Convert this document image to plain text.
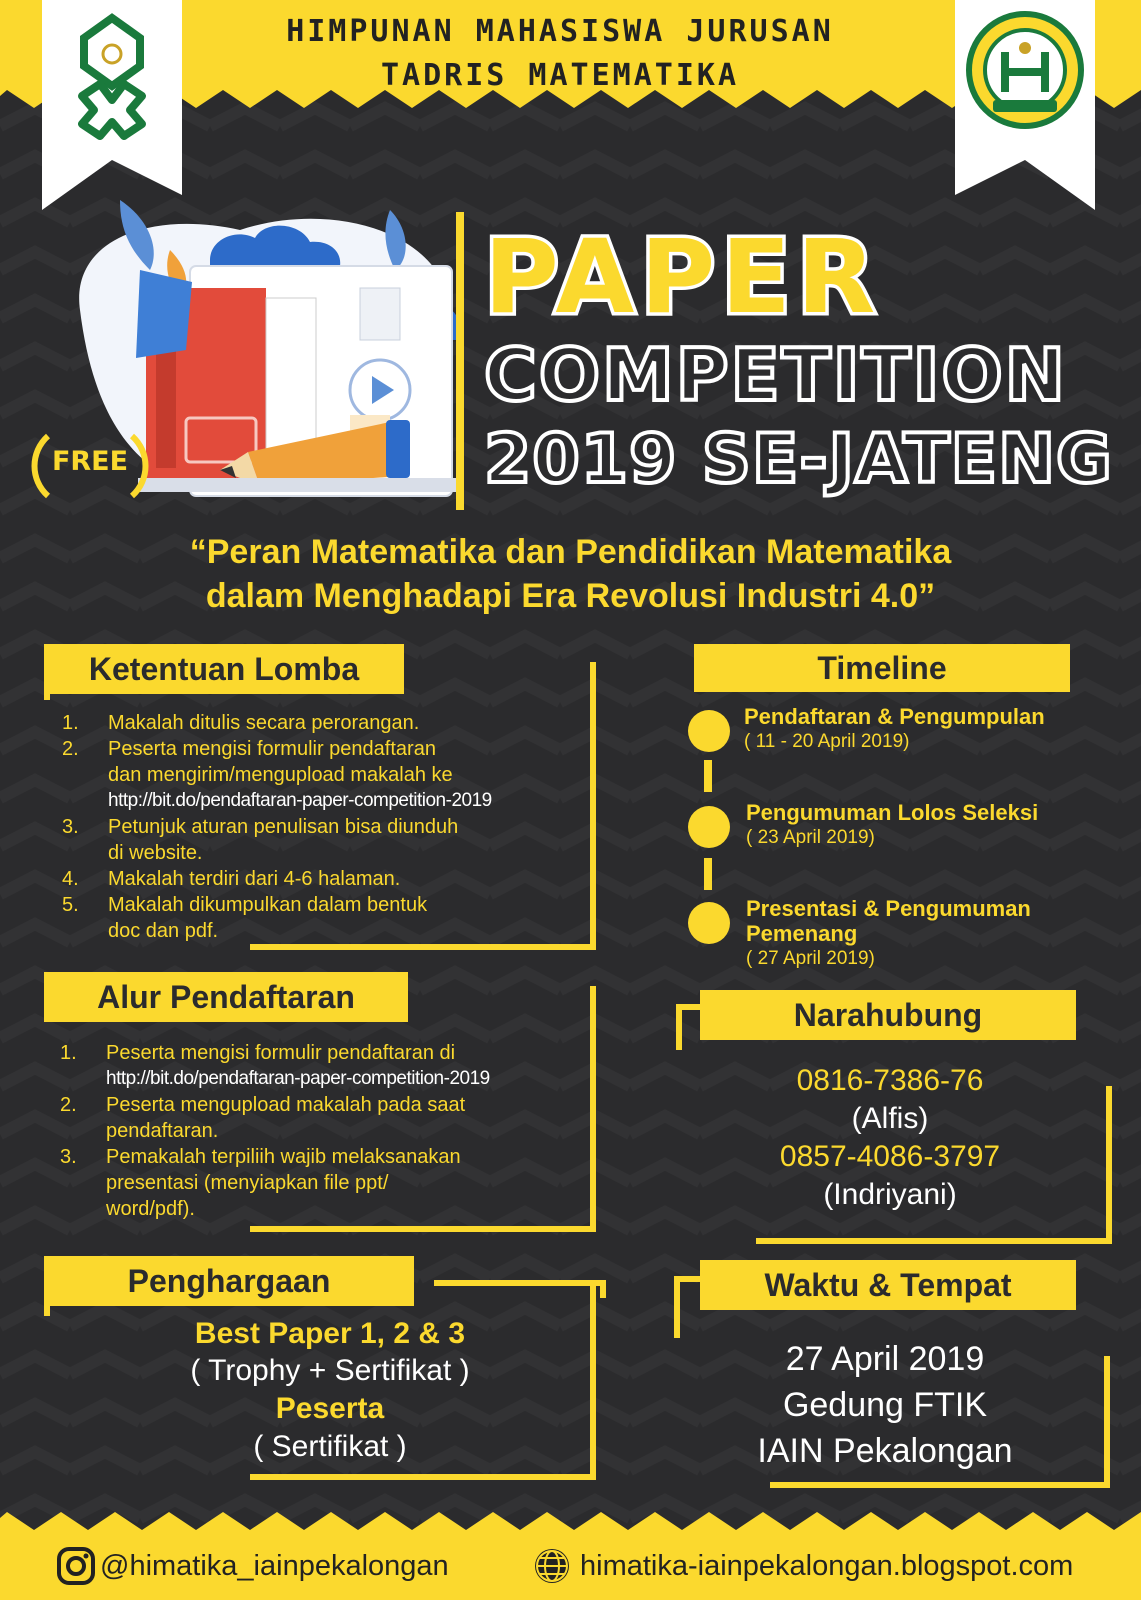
HIMPUNAN MAHASISWA JURUSAN
TADRIS MATEMATIKA
FREE
PAPER
COMPETITION
2019 SE-JATENG
“Peran Matematika dan Pendidikan Matematika
dalam Menghadapi Era Revolusi Industri 4.0”
Ketentuan Lomba
1. Makalah ditulis secara perorangan.
2. Peserta mengisi formulir pendaftaran
dan mengirim/mengupload makalah ke
http://bit.do/pendaftaran-paper-competition-2019
3. Petunjuk aturan penulisan bisa diunduh
di website.
4. Makalah terdiri dari 4-6 halaman.
5. Makalah dikumpulkan dalam bentuk
doc dan pdf.
Alur Pendaftaran
1. Peserta mengisi formulir pendaftaran di
http://bit.do/pendaftaran-paper-competition-2019
2. Peserta mengupload makalah pada saat
pendaftaran.
3. Pemakalah terpiliih wajib melaksanakan
presentasi (menyiapkan file ppt/
word/pdf).
Penghargaan
Best Paper 1, 2 & 3
( Trophy + Sertifikat )
Peserta
( Sertifikat )
Timeline
Pendaftaran & Pengumpulan
( 11 - 20 April 2019)
Pengumuman Lolos Seleksi
( 23 April 2019)
Presentasi & Pengumuman
Pemenang
( 27 April 2019)
Narahubung
0816-7386-76
(Alfis)
0857-4086-3797
(Indriyani)
Waktu & Tempat
27 April 2019
Gedung FTIK
IAIN Pekalongan
@himatika_iainpekalongan	himatika-iainpekalongan.blogspot.com
